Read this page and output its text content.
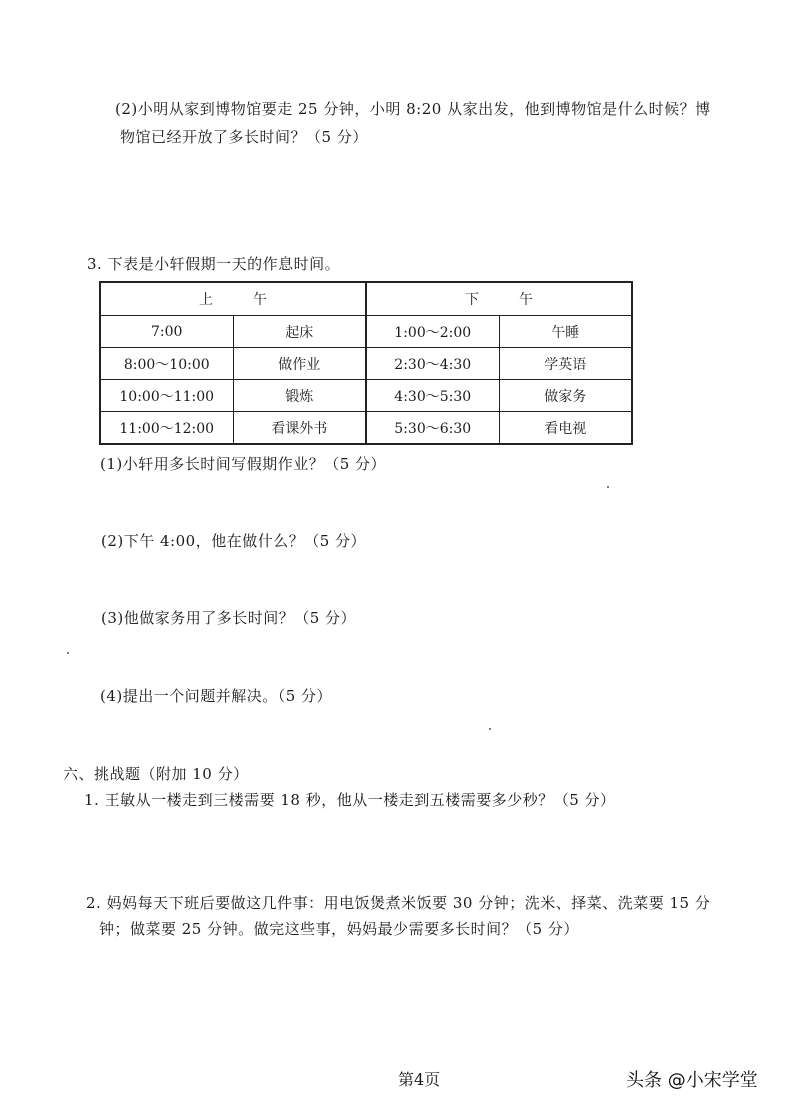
(2)小明从家到博物馆要走 25 分钟，小明 8:20 从家出发，他到博物馆是什么时候？博
物馆已经开放了多长时间？（5 分）
3. 下表是小轩假期一天的作息时间。
上午		下午	
7:00	起床	1:00～2:00	午睡
8:00～10:00	做作业	2:30～4:30	学英语
10:00～11:00	锻炼	4:30～5:30	做家务
11:00～12:00	看课外书	5:30～6:30	看电视
(1)小轩用多长时间写假期作业？（5 分）
(2)下午 4:00，他在做什么？（5 分）
(3)他做家务用了多长时间？（5 分）
(4)提出一个问题并解决。（5 分）
六、挑战题（附加 10 分）
1. 王敏从一楼走到三楼需要 18 秒，他从一楼走到五楼需要多少秒？（5 分）
2. 妈妈每天下班后要做这几件事：用电饭煲煮米饭要 30 分钟；洗米、择菜、洗菜要 15 分
钟；做菜要 25 分钟。做完这些事，妈妈最少需要多长时间？（5 分）
第4页	头条 @小宋学堂
